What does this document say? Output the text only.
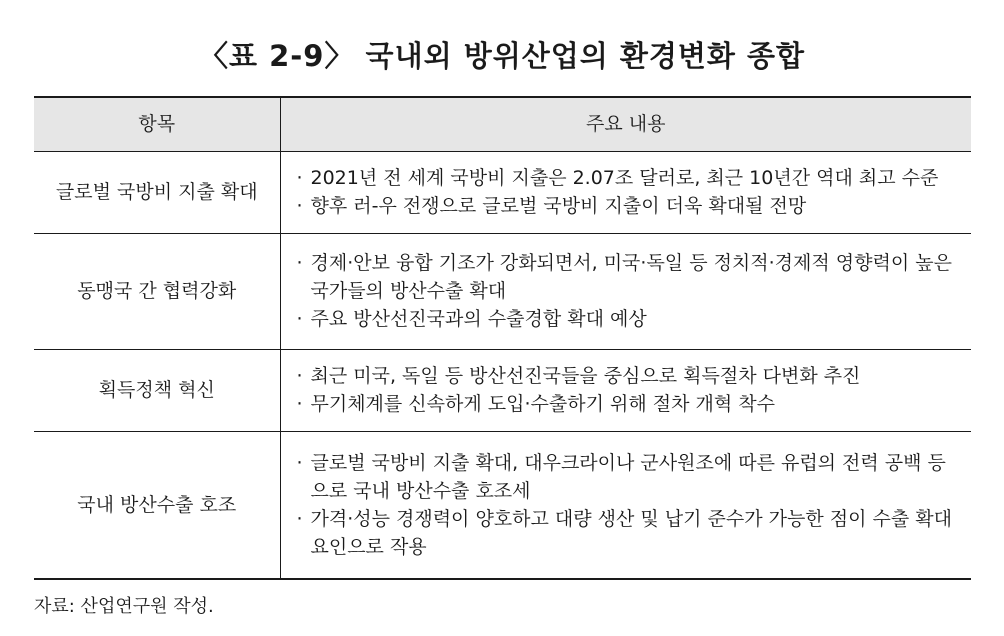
〈표 2-9〉 국내외 방위산업의 환경변화 종합
항목	주요 내용
글로벌 국방비 지출 확대	· 2021년 전 세계 국방비 지출은 2.07조 달러로, 최근 10년간 역대 최고 수준

· 향후 러-우 전쟁으로 글로벌 국방비 지출이 더욱 확대될 전망

동맹국 간 협력강화	· 경제·안보 융합 기조가 강화되면서, 미국·독일 등 정치적·경제적 영향력이 높은 국가들의 방산수출 확대

· 주요 방산선진국과의 수출경합 확대 예상

획득정책 혁신	· 최근 미국, 독일 등 방산선진국들을 중심으로 획득절차 다변화 추진

· 무기체계를 신속하게 도입·수출하기 위해 절차 개혁 착수

국내 방산수출 호조	· 글로벌 국방비 지출 확대, 대우크라이나 군사원조에 따른 유럽의 전력 공백 등으로 국내 방산수출 호조세

· 가격·성능 경쟁력이 양호하고 대량 생산 및 납기 준수가 가능한 점이 수출 확대 요인으로 작용

자료: 산업연구원 작성.
